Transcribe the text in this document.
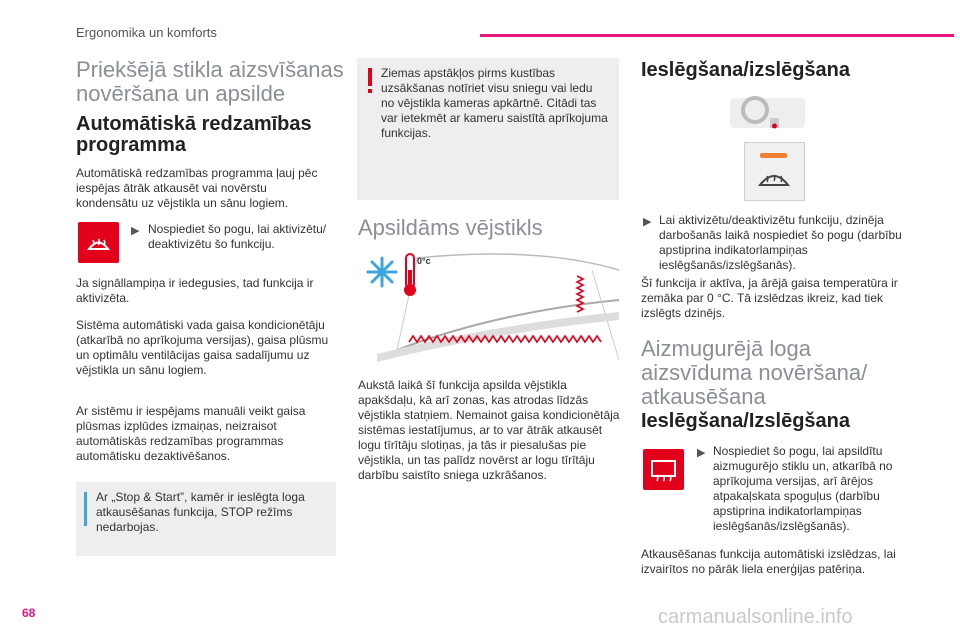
Ergonomika un komforts
Priekšējā stikla aizsvīšanas novēršana un apsilde
Automātiskā redzamības programma

Automātiskā redzamības programma ļauj pēc iespējas ātrāk atkausēt vai novērstu kondensātu uz vējstikla un sānu logiem.

▶ Nospiediet šo pogu, lai aktivizētu/ deaktivizētu šo funkciju.

Ja signāllampiņa ir iedegusies, tad funkcija ir aktivizēta.

Sistēma automātiski vada gaisa kondicionētāju (atkarībā no aprīkojuma versijas), gaisa plūsmu un optimālu ventilācijas gaisa sadalījumu uz vējstikla un sānu logiem.

Ar sistēmu ir iespējams manuāli veikt gaisa plūsmas izplūdes izmaiņas, neizraisot automātiskās redzamības programmas automātisku dezaktivēšanos.

Ar „Stop & Start”, kamēr ir ieslēgta loga atkausēšanas funkcija, STOP režīms nedarbojas.

Ziemas apstākļos pirms kustības uzsākšanas notīriet visu sniegu vai ledu no vējstikla kameras apkārtnē. Citādi tas var ietekmēt ar kameru saistītā aprīkojuma funkcijas.

Apsildāms vējstikls
0°c

Aukstā laikā šī funkcija apsilda vējstikla apakšdaļu, kā arī zonas, kas atrodas līdzās vējstikla statņiem. Nemainot gaisa kondicionētāja sistēmas iestatījumus, ar to var ātrāk atkausēt logu tīrītāju slotiņas, ja tās ir piesalušas pie vējstikla, un tas palīdz novērst ar logu tīrītāju darbību saistīto sniega uzkrāšanos.

Ieslēgšana/izslēgšana
▶ Lai aktivizētu/deaktivizētu funkciju, dzinēja darbošanās laikā nospiediet šo pogu (darbību apstiprina indikatorlampiņas ieslēgšanās/izslēgšanās).

Šī funkcija ir aktīva, ja ārējā gaisa temperatūra ir zemāka par 0 °C. Tā izslēdzas ikreiz, kad tiek izslēgts dzinējs.

Aizmugurējā loga aizsvīduma novēršana/ atkausēšana
Ieslēgšana/Izslēgšana
▶ Nospiediet šo pogu, lai apsildītu aizmugurējo stiklu un, atkarībā no aprīkojuma versijas, arī ārējos atpakaļskata spoguļus (darbību apstiprina indikatorlampiņas ieslēgšanās/izslēgšanās).

Atkausēšanas funkcija automātiski izslēdzas, lai izvairītos no pārāk liela enerģijas patēriņa.

68	carmanualsonline.info
